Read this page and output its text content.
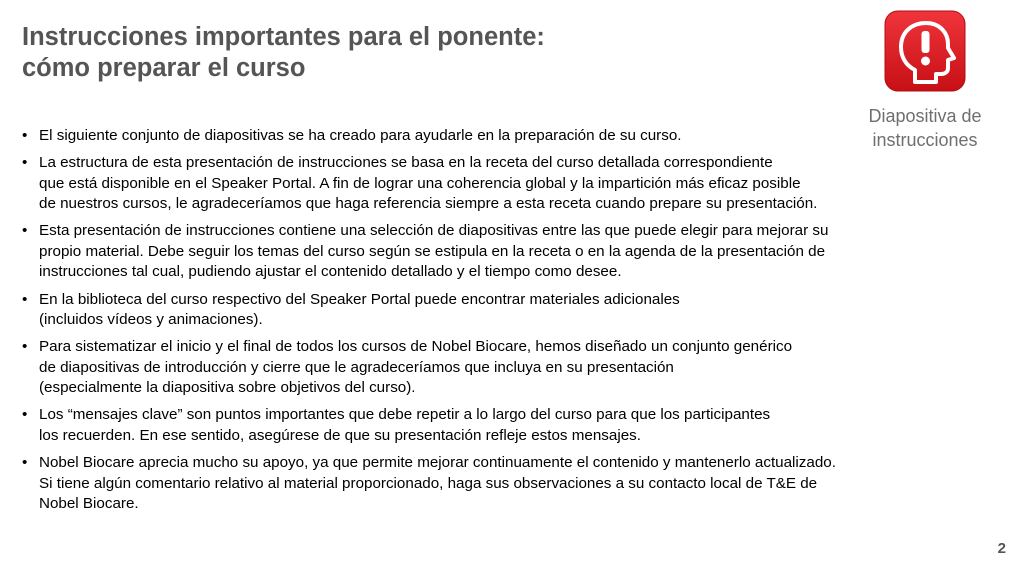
Instrucciones importantes para el ponente:
cómo preparar el curso
Diapositiva de
instrucciones
• El siguiente conjunto de diapositivas se ha creado para ayudarle en la preparación de su curso.
• La estructura de esta presentación de instrucciones se basa en la receta del curso detallada correspondiente
que está disponible en el Speaker Portal. A fin de lograr una coherencia global y la impartición más eficaz posible
de nuestros cursos, le agradeceríamos que haga referencia siempre a esta receta cuando prepare su presentación.
• Esta presentación de instrucciones contiene una selección de diapositivas entre las que puede elegir para mejorar su
propio material. Debe seguir los temas del curso según se estipula en la receta o en la agenda de la presentación de
instrucciones tal cual, pudiendo ajustar el contenido detallado y el tiempo como desee.
• En la biblioteca del curso respectivo del Speaker Portal puede encontrar materiales adicionales
(incluidos vídeos y animaciones).
• Para sistematizar el inicio y el final de todos los cursos de Nobel Biocare, hemos diseñado un conjunto genérico
de diapositivas de introducción y cierre que le agradeceríamos que incluya en su presentación
(especialmente la diapositiva sobre objetivos del curso).
• Los “mensajes clave” son puntos importantes que debe repetir a lo largo del curso para que los participantes
los recuerden. En ese sentido, asegúrese de que su presentación refleje estos mensajes.
• Nobel Biocare aprecia mucho su apoyo, ya que permite mejorar continuamente el contenido y mantenerlo actualizado.
Si tiene algún comentario relativo al material proporcionado, haga sus observaciones a su contacto local de T&E de
Nobel Biocare.
2
